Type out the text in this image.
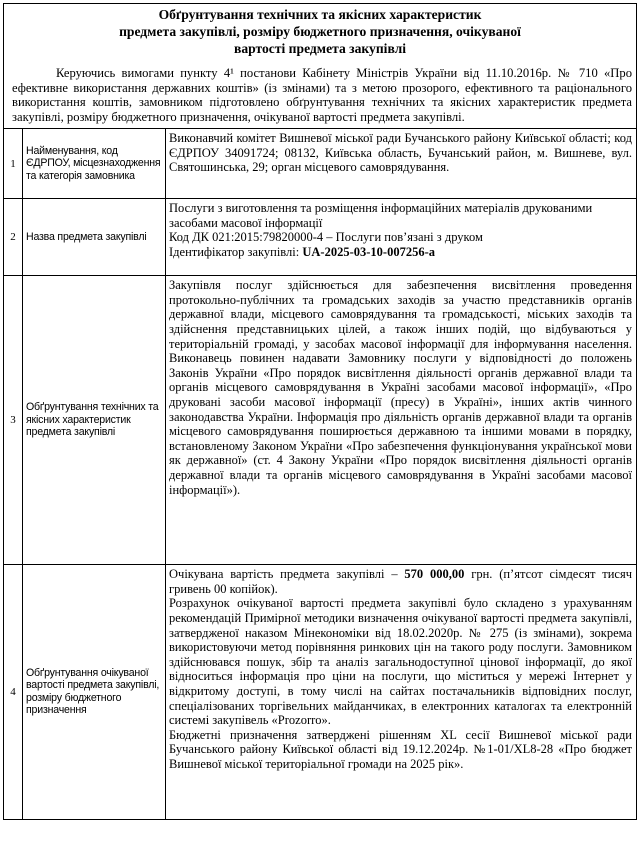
Обґрунтування технічних та якісних характеристик
предмета закупівлі, розміру бюджетного призначення, очікуваної
вартості предмета закупівлі
Керуючись вимогами пункту 4¹ постанови Кабінету Міністрів України від 11.10.2016р. № 710 «Про ефективне використання державних коштів» (із змінами) та з метою прозорого, ефективного та раціонального використання коштів, замовником підготовлено обґрунтування технічних та якісних характеристик предмета закупівлі, розміру бюджетного призначення, очікуваної вартості предмета закупівлі.
1	Найменування, код ЄДРПОУ, місцезнаходження та категорія замовника	Виконавчий комітет Вишневої міської ради Бучанського району Київської області; код ЄДРПОУ 34091724; 08132, Київська область, Бучанський район, м. Вишневе, вул. Святошинська, 29; орган місцевого самоврядування.
2	Назва предмета закупівлі	Послуги з виготовлення та розміщення інформаційних матеріалів друкованими засобами масової інформації

Код ДК 021:2015:79820000-4 – Послуги пов’язані з друком

Ідентифікатор закупівлі: UA-2025-03-10-007256-a

3	Обґрунтування технічних та якісних характеристик предмета закупівлі	Закупівля послуг здійснюється для забезпечення висвітлення проведення протокольно-публічних та громадських заходів за участю представників органів державної влади, місцевого самоврядування та громадськості, міських заходів та здійснення представницьких цілей, а також інших подій, що відбуваються у територіальній громаді, у засобах масової інформації для інформування населення. Виконавець повинен надавати Замовнику послуги у відповідності до положень Законів України «Про порядок висвітлення діяльності органів державної влади та органів місцевого самоврядування в Україні засобами масової інформації», «Про друковані засоби масової інформації (пресу) в Україні», інших актів чинного законодавства України. Інформація про діяльність органів державної влади та органів місцевого самоврядування поширюється державною та іншими мовами в порядку, встановленому Законом України «Про забезпечення функціонування української мови як державної» (ст. 4 Закону України «Про порядок висвітлення діяльності органів державної влади та органів місцевого самоврядування в Україні засобами масової інформації»).
4	Обґрунтування очікуваної вартості предмета закупівлі, розміру бюджетного призначення	Очікувана вартість предмета закупівлі – 570 000,00 грн. (п’ятсот сімдесят тисяч гривень 00 копійок).

Розрахунок очікуваної вартості предмета закупівлі було складено з урахуванням рекомендацій Примірної методики визначення очікуваної вартості предмета закупівлі, затвердженої наказом Мінекономіки від 18.02.2020р. № 275 (із змінами), зокрема використовуючи метод порівняння ринкових цін на такого роду послуги. Замовником здійснювався пошук, збір та аналіз загальнодоступної цінової інформації, до якої відноситься інформація про ціни на послуги, що міститься у мережі Інтернет у відкритому доступі, в тому числі на сайтах постачальників відповідних послуг, спеціалізованих торгівельних майданчиках, в електронних каталогах та електронній системі закупівель «Prozorro».

Бюджетні призначення затверджені рішенням XL сесії Вишневої міської ради Бучанського району Київської області від 19.12.2024р. №1-01/XL8-28 «Про бюджет Вишневої міської територіальної громади на 2025 рік».
